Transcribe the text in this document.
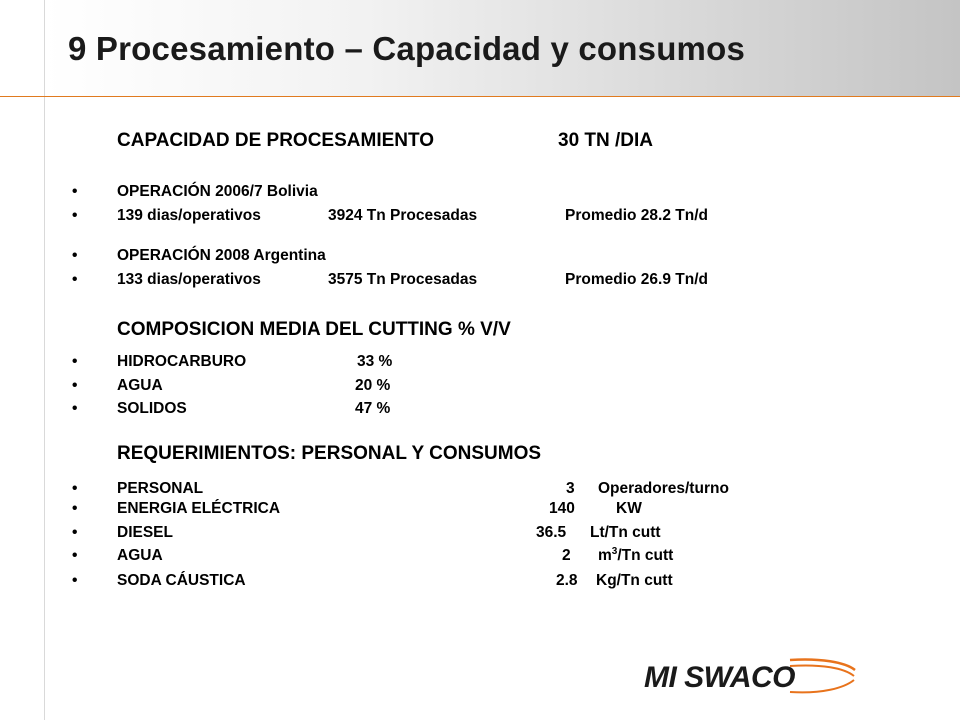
9 Procesamiento – Capacidad y consumos
CAPACIDAD DE PROCESAMIENTO	30 TN /DIA
•	OPERACIÓN 2006/7 Bolivia
•	139 dias/operativos	3924 Tn Procesadas	Promedio 28.2 Tn/d
•	OPERACIÓN 2008 Argentina
•	133 dias/operativos	3575 Tn Procesadas	Promedio 26.9 Tn/d
COMPOSICION MEDIA DEL CUTTING % V/V
•	HIDROCARBURO	33 %
•	AGUA	20 %
•	SOLIDOS	47 %
REQUERIMIENTOS: PERSONAL Y CONSUMOS
•	PERSONAL	3 Operadores/turno
•	ENERGIA ELÉCTRICA	140	KW
•	DIESEL	36.5 Lt/Tn cutt
•	AGUA	2 $m^3/Tn$ cutt
•	SODA CÁUSTICA	2.8 Kg/Tn cutt
MI SWACO
